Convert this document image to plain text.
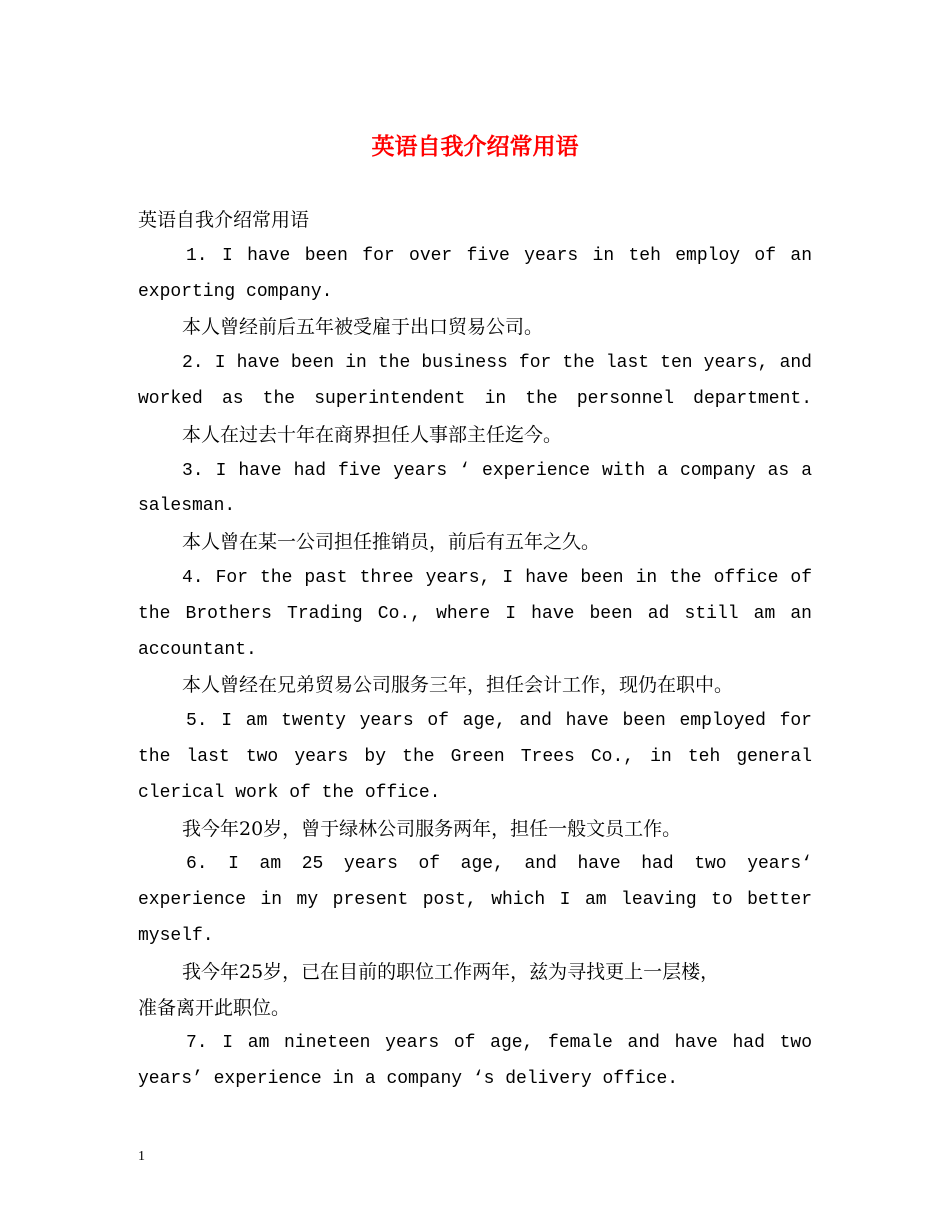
英语自我介绍常用语
英语自我介绍常用语
1. I have been for over five years in teh employ of an
exporting company.
本人曾经前后五年被受雇于出口贸易公司。
2. I have been in the business for the last ten years, and
worked as the superintendent in the personnel department.
本人在过去十年在商界担任人事部主任迄今。
3. I have had five years ‘ experience with a company as a
salesman.
本人曾在某一公司担任推销员，前后有五年之久。
4. For the past three years, I have been in the office of
the Brothers Trading Co., where I have been ad still am an
accountant.
本人曾经在兄弟贸易公司服务三年，担任会计工作，现仍在职中。
5. I am twenty years of age, and have been employed for
the last two years by the Green Trees Co., in teh general
clerical work of the office.
我今年20岁，曾于绿林公司服务两年，担任一般文员工作。
6. I am 25 years of age, and have had two years‘
experience in my present post, which I am leaving to better
myself.
我今年25岁，已在目前的职位工作两年，兹为寻找更上一层楼，
准备离开此职位。
7. I am nineteen years of age, female and have had two
years’ experience in a company ‘s delivery office.
1
